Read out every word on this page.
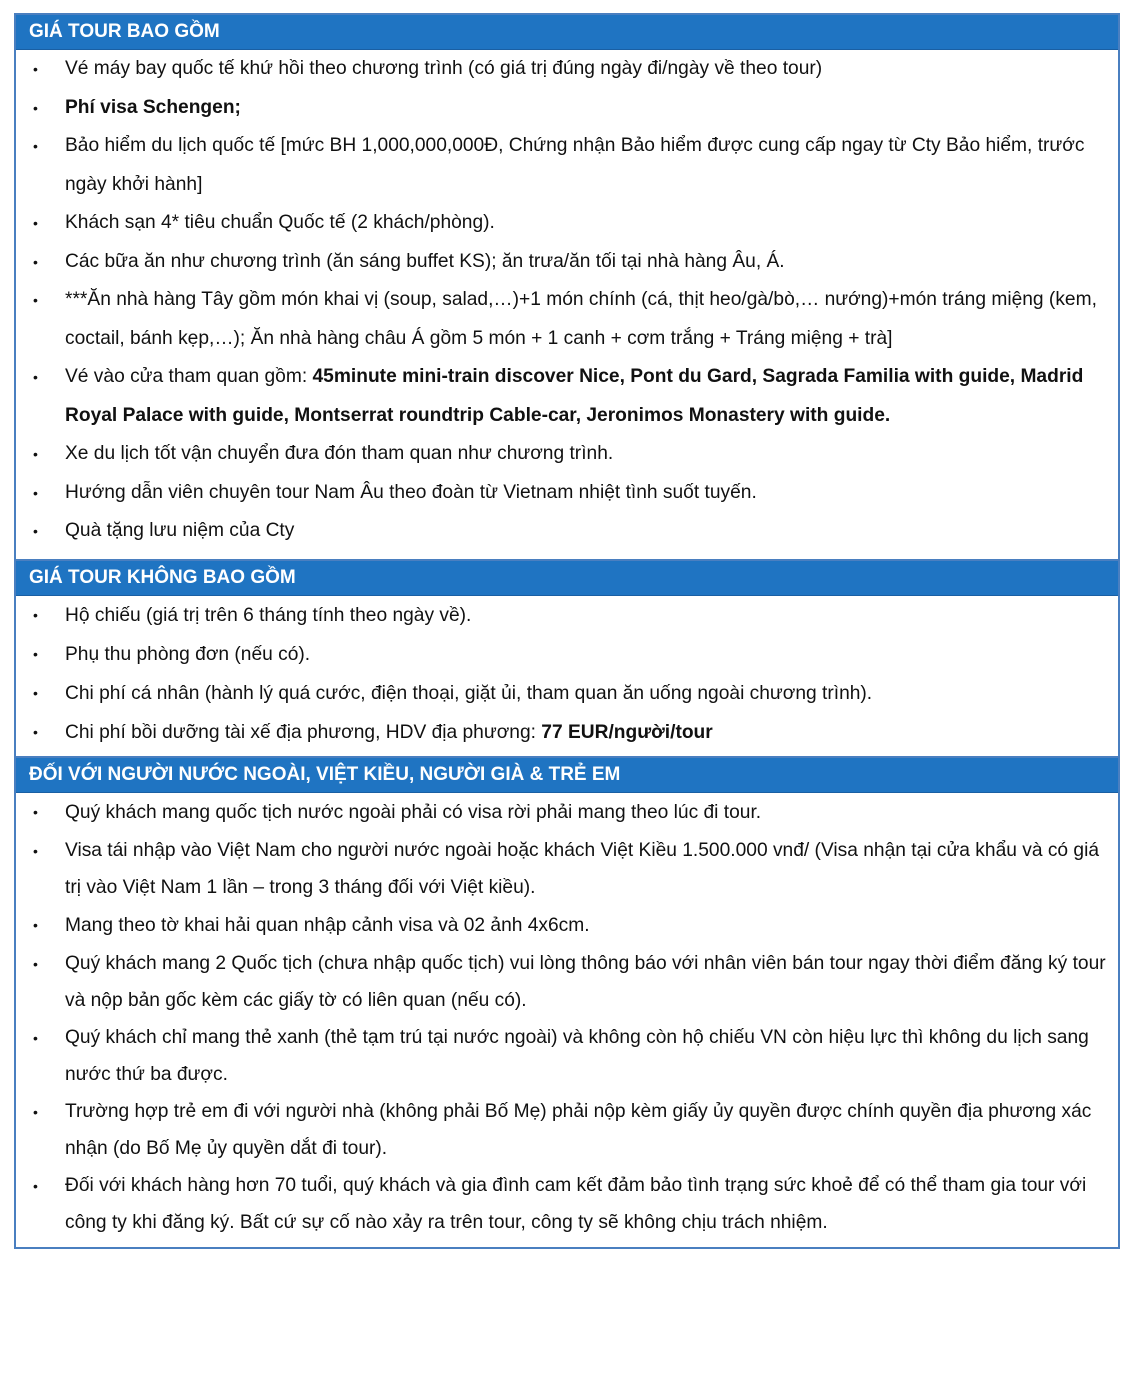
GIÁ TOUR BAO GỒM
• Vé máy bay quốc tế khứ hồi theo chương trình (có giá trị đúng ngày đi/ngày về theo tour)
• Phí visa Schengen;
• Bảo hiểm du lịch quốc tế [mức BH 1,000,000,000Đ, Chứng nhận Bảo hiểm được cung cấp ngay từ Cty Bảo hiểm, trước ngày khởi hành]
• Khách sạn 4* tiêu chuẩn Quốc tế (2 khách/phòng).
• Các bữa ăn như chương trình (ăn sáng buffet KS); ăn trưa/ăn tối tại nhà hàng Âu, Á.
• ***Ăn nhà hàng Tây gồm món khai vị (soup, salad,…)+1 món chính (cá, thịt heo/gà/bò,… nướng)+món tráng miệng (kem, coctail, bánh kẹp,…); Ăn nhà hàng châu Á gồm 5 món + 1 canh + cơm trắng + Tráng miệng + trà]
• Vé vào cửa tham quan gồm: 45minute mini-train discover Nice, Pont du Gard, Sagrada Familia with guide, Madrid Royal Palace with guide, Montserrat roundtrip Cable-car, Jeronimos Monastery with guide.
• Xe du lịch tốt vận chuyển đưa đón tham quan như chương trình.
• Hướng dẫn viên chuyên tour Nam Âu theo đoàn từ Vietnam nhiệt tình suốt tuyến.
• Quà tặng lưu niệm của Cty
GIÁ TOUR KHÔNG BAO GỒM
• Hộ chiếu (giá trị trên 6 tháng tính theo ngày về).
• Phụ thu phòng đơn (nếu có).
• Chi phí cá nhân (hành lý quá cước, điện thoại, giặt ủi, tham quan ăn uống ngoài chương trình).
• Chi phí bồi dưỡng tài xế địa phương, HDV địa phương: 77 EUR/người/tour
ĐỐI VỚI NGƯỜI NƯỚC NGOÀI, VIỆT KIỀU, NGƯỜI GIÀ & TRẺ EM
• Quý khách mang quốc tịch nước ngoài phải có visa rời phải mang theo lúc đi tour.
• Visa tái nhập vào Việt Nam cho người nước ngoài hoặc khách Việt Kiều 1.500.000 vnđ/ (Visa nhận tại cửa khẩu và có giá trị vào Việt Nam 1 lần – trong 3 tháng đối với Việt kiều).
• Mang theo tờ khai hải quan nhập cảnh visa và 02 ảnh 4x6cm.
• Quý khách mang 2 Quốc tịch (chưa nhập quốc tịch) vui lòng thông báo với nhân viên bán tour ngay thời điểm đăng ký tour và nộp bản gốc kèm các giấy tờ có liên quan (nếu có).
• Quý khách chỉ mang thẻ xanh (thẻ tạm trú tại nước ngoài) và không còn hộ chiếu VN còn hiệu lực thì không du lịch sang nước thứ ba được.
• Trường hợp trẻ em đi với người nhà (không phải Bố Mẹ) phải nộp kèm giấy ủy quyền được chính quyền địa phương xác nhận (do Bố Mẹ ủy quyền dắt đi tour).
• Đối với khách hàng hơn 70 tuổi, quý khách và gia đình cam kết đảm bảo tình trạng sức khoẻ để có thể tham gia tour với công ty khi đăng ký. Bất cứ sự cố nào xảy ra trên tour, công ty sẽ không chịu trách nhiệm.
